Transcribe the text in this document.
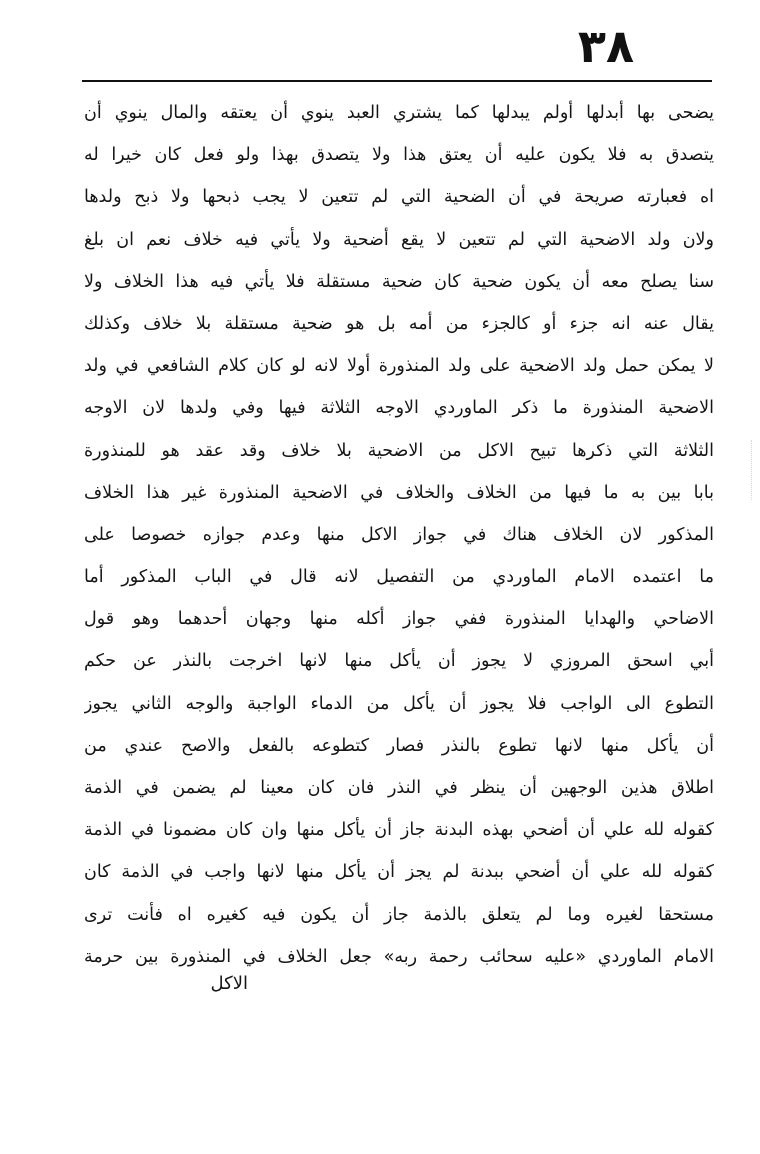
٣٨
يضحى بها أبدلها أولم يبدلها كما يشتري العبد ينوي أن يعتقه والمال ينوي أن
يتصدق به فلا يكون عليه أن يعتق هذا ولا يتصدق بهذا ولو فعل كان خيرا له
اه فعبارته صريحة في أن الضحية التي لم تتعين لا يجب ذبحها ولا ذبح ولدها
ولان ولد الاضحية التي لم تتعين لا يقع أضحية ولا يأتي فيه خلاف نعم ان بلغ
سنا يصلح معه أن يكون ضحية كان ضحية مستقلة فلا يأتي فيه هذا الخلاف ولا
يقال عنه انه جزء أو كالجزء من أمه بل هو ضحية مستقلة بلا خلاف وكذلك
لا يمكن حمل ولد الاضحية على ولد المنذورة أولا لانه لو كان كلام الشافعي في ولد
الاضحية المنذورة ما ذكر الماوردي الاوجه الثلاثة فيها وفي ولدها لان الاوجه
الثلاثة التي ذكرها تبيح الاكل من الاضحية بلا خلاف وقد عقد هو للمنذورة
بابا بين به ما فيها من الخلاف والخلاف في الاضحية المنذورة غير هذا الخلاف
المذكور لان الخلاف هناك في جواز الاكل منها وعدم جوازه خصوصا على
ما اعتمده الامام الماوردي من التفصيل لانه قال في الباب المذكور أما
الاضاحي والهدايا المنذورة ففي جواز أكله منها وجهان أحدهما وهو قول
أبي اسحق المروزي لا يجوز أن يأكل منها لانها اخرجت بالنذر عن حكم
التطوع الى الواجب فلا يجوز أن يأكل من الدماء الواجبة والوجه الثاني يجوز
أن يأكل منها لانها تطوع بالنذر فصار كتطوعه بالفعل والاصح عندي من
اطلاق هذين الوجهين أن ينظر في النذر فان كان معينا لم يضمن في الذمة
كقوله لله علي أن أضحي بهذه البدنة جاز أن يأكل منها وان كان مضمونا في الذمة
كقوله لله علي أن أضحي ببدنة لم يجز أن يأكل منها لانها واجب في الذمة كان
مستحقا لغيره وما لم يتعلق بالذمة جاز أن يكون فيه كغيره اه فأنت ترى
الامام الماوردي «عليه سحائب رحمة ربه» جعل الخلاف في المنذورة بين حرمة
الاكل
